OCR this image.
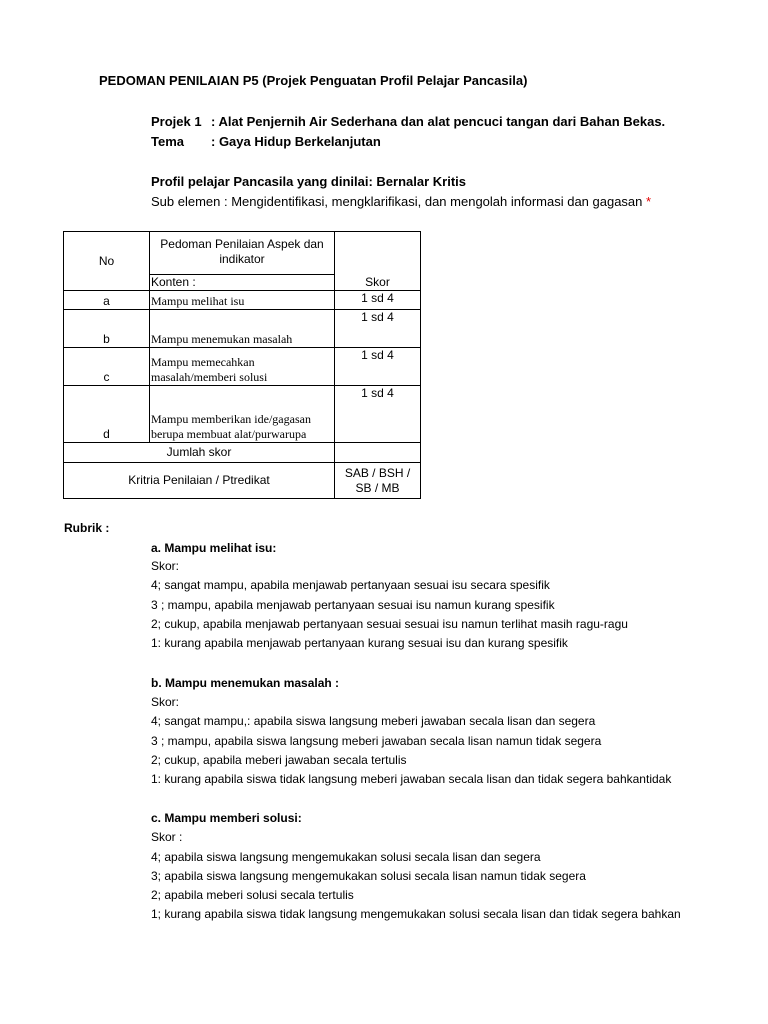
PEDOMAN PENILAIAN P5 (Projek Penguatan Profil Pelajar Pancasila)
Projek 1 : Alat Penjernih Air Sederhana dan alat pencuci tangan dari Bahan Bekas.
Tema : Gaya Hidup Berkelanjutan
Profil pelajar Pancasila yang dinilai: Bernalar Kritis
Sub elemen : Mengidentifikasi, mengklarifikasi, dan mengolah informasi dan gagasan *
No	Pedoman Penilaian Aspek dan indikator	Skor
	Konten :	
a	Mampu melihat isu	1 sd 4
b	Mampu menemukan masalah	1 sd 4
c	Mampu memecahkan masalah/memberi solusi	1 sd 4
d	Mampu memberikan ide/gagasan berupa membuat alat/purwarupa	1 sd 4
Jumlah skor		
Kritria Penilaian / Ptredikat		SAB / BSH / SB / MB
Rubrik :
a. Mampu melihat isu:
Skor:
4; sangat mampu, apabila menjawab pertanyaan sesuai isu secara spesifik
3 ; mampu, apabila menjawab pertanyaan sesuai isu namun kurang spesifik
2; cukup, apabila menjawab pertanyaan sesuai sesuai isu namun terlihat masih ragu-ragu
1: kurang apabila menjawab pertanyaan kurang sesuai isu dan kurang spesifik
b. Mampu menemukan masalah :
Skor:
4; sangat mampu,: apabila siswa langsung meberi jawaban secala lisan dan segera
3 ; mampu, apabila siswa langsung meberi jawaban secala lisan namun tidak segera
2; cukup, apabila meberi jawaban secala tertulis
1: kurang apabila siswa tidak langsung meberi jawaban secala lisan dan tidak segera bahkantidak
c. Mampu memberi solusi:
Skor :
4; apabila siswa langsung mengemukakan solusi secala lisan dan segera
3; apabila siswa langsung mengemukakan solusi secala lisan namun tidak segera
2; apabila meberi solusi secala tertulis
1; kurang apabila siswa tidak langsung mengemukakan solusi secala lisan dan tidak segera bahkan
